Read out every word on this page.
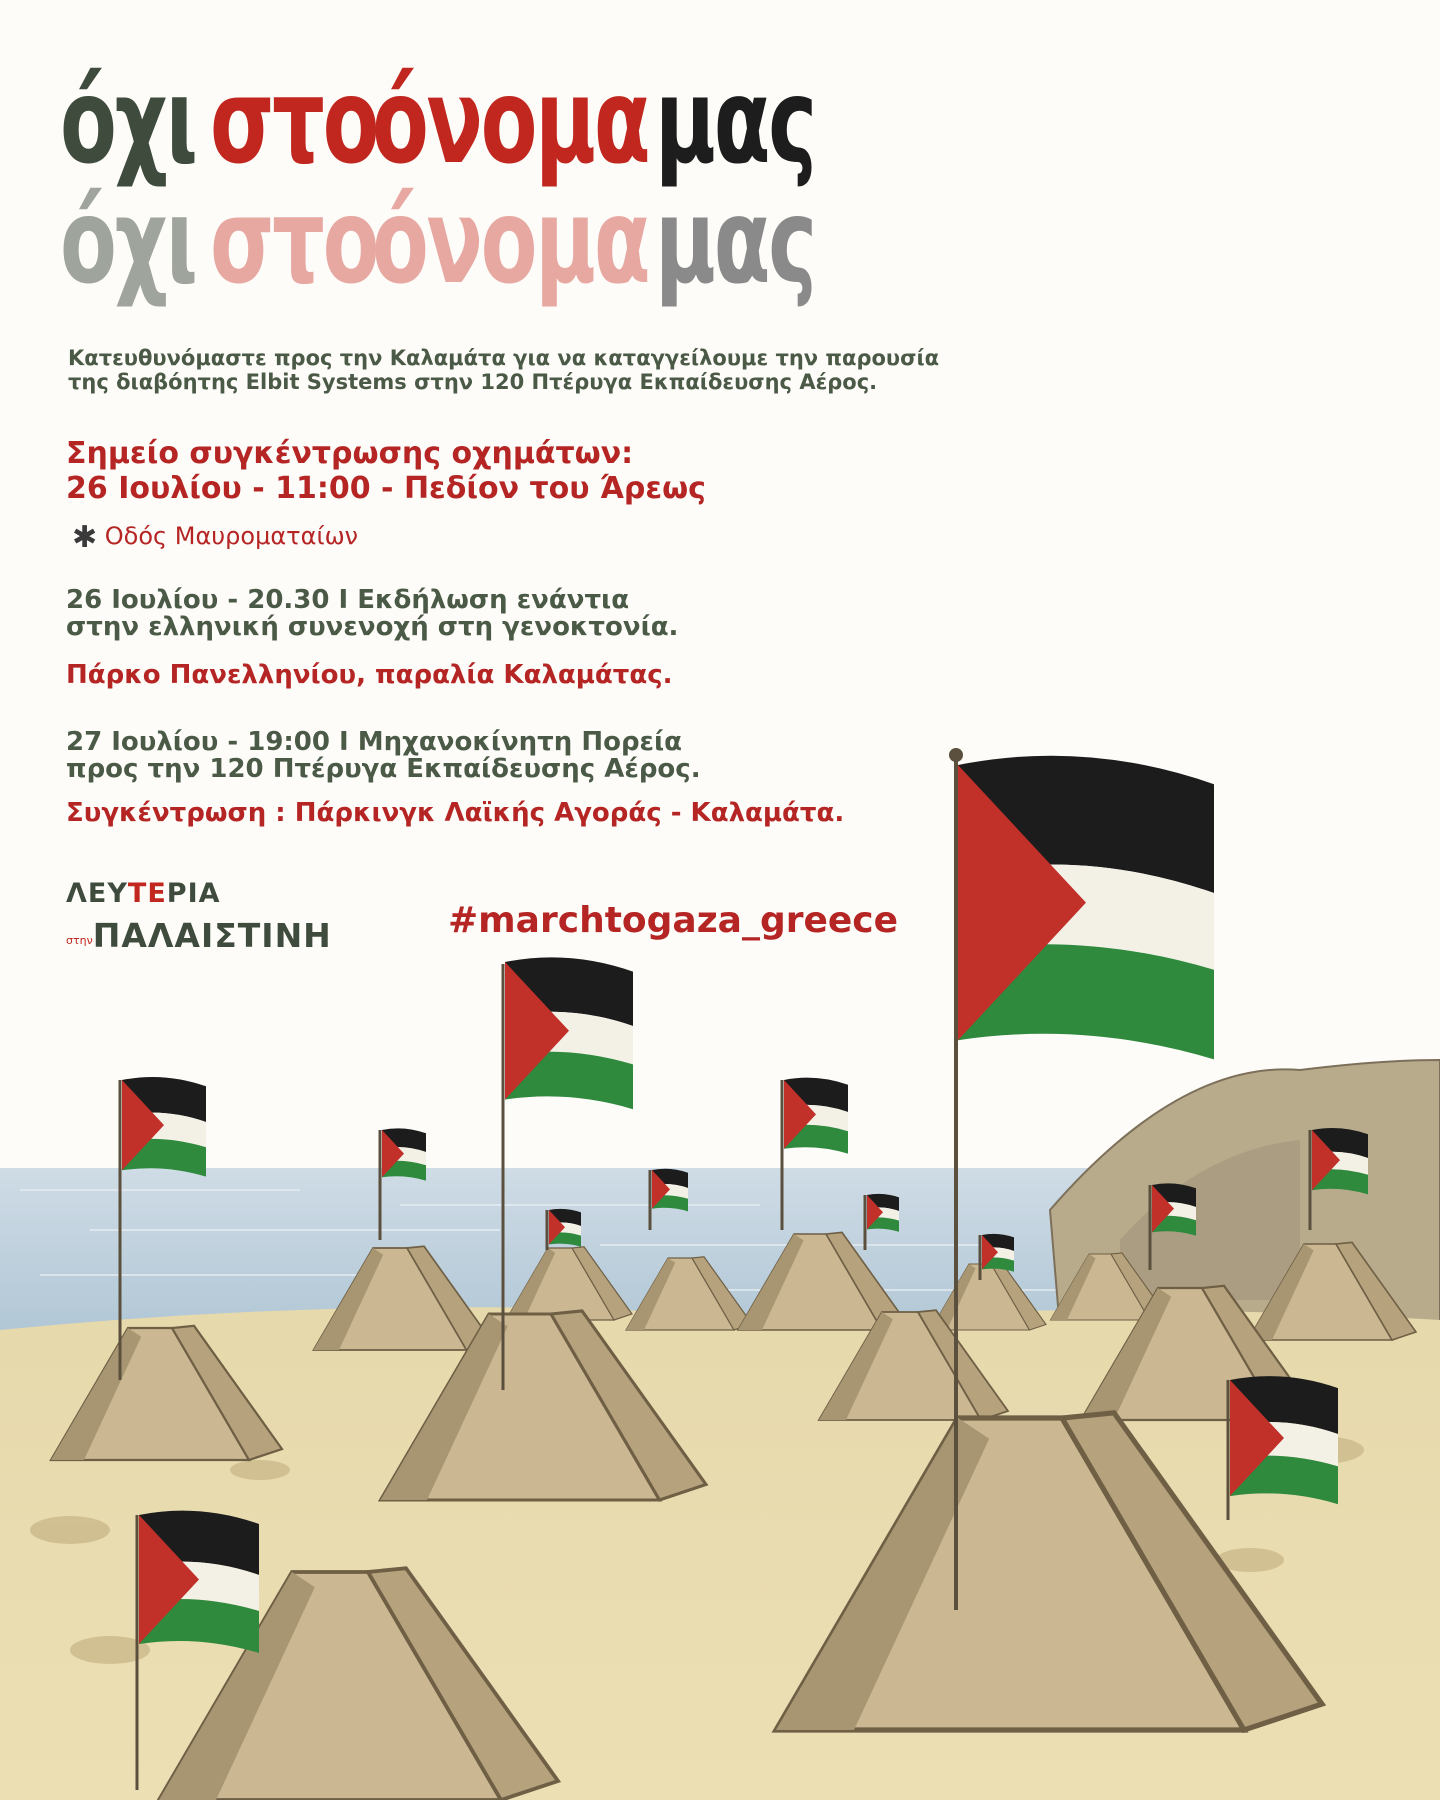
όχι στο
όνομα μας
όχι στο
όνομα μας
Κατευθυνόμαστε προς την Καλαμάτα για να καταγγείλουμε την παρουσία
της διαβόητης Elbit Systems στην 120 Πτέρυγα Εκπαίδευσης Αέρος.
Σημείο συγκέντρωσης οχημάτων:
26 Ιουλίου - 11:00 - Πεδίον του Άρεως
✱ Οδός Μαυροματαίων
26 Ιουλίου - 20.30 Ι Εκδήλωση ενάντια
στην ελληνική συνενοχή στη γενοκτονία.
Πάρκο Πανελληνίου, παραλία Καλαμάτας.
27 Ιουλίου - 19:00 Ι Μηχανοκίνητη Πορεία
προς την 120 Πτέρυγα Εκπαίδευσης Αέρος.
Συγκέντρωση : Πάρκινγκ Λαϊκής Αγοράς - Καλαμάτα.
ΛΕΥΤΕΡΙΑ
στηνΠΑΛΑΙΣΤΙΝΗ	#marchtogaza_greece
